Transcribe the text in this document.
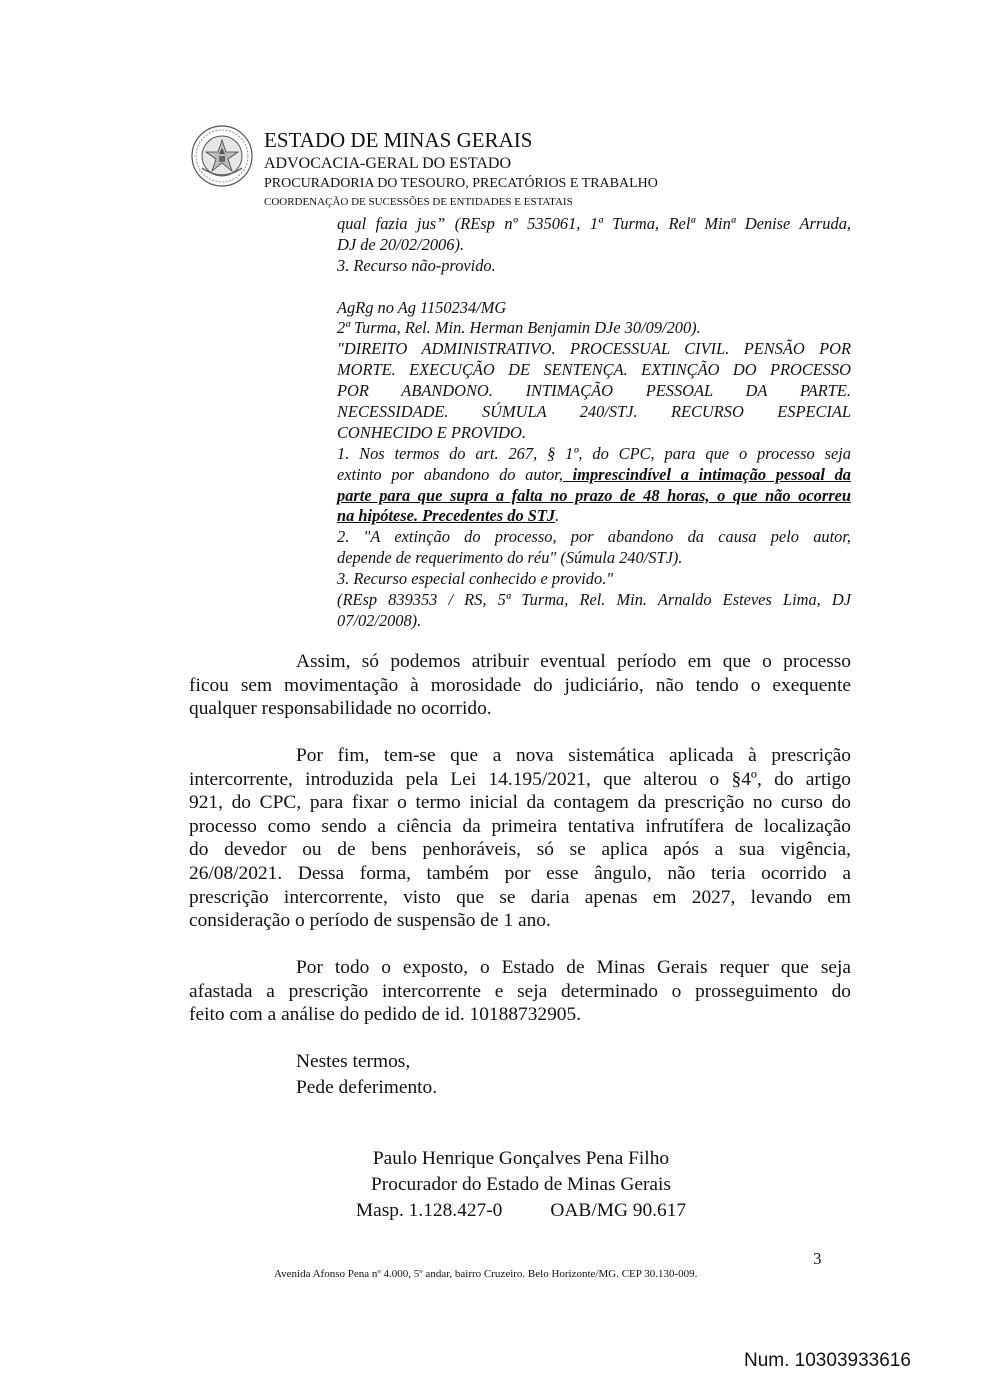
ESTADO DE MINAS GERAIS
ADVOCACIA-GERAL DO ESTADO
PROCURADORIA DO TESOURO, PRECATÓRIOS E TRABALHO
COORDENAÇÃO DE SUCESSÕES DE ENTIDADES E ESTATAIS
qual fazia jus” (REsp nº 535061, 1ª Turma, Relª Minª Denise Arruda,
DJ de 20/02/2006).
3. Recurso não-provido.
AgRg no Ag 1150234/MG
2ª Turma, Rel. Min. Herman Benjamin DJe 30/09/200).
"DIREITO ADMINISTRATIVO. PROCESSUAL CIVIL. PENSÃO POR
MORTE. EXECUÇÃO DE SENTENÇA. EXTINÇÃO DO PROCESSO
POR ABANDONO. INTIMAÇÃO PESSOAL DA PARTE.
NECESSIDADE. SÚMULA 240/STJ. RECURSO ESPECIAL
CONHECIDO E PROVIDO.
1. Nos termos do art. 267, § 1º, do CPC, para que o processo seja
extinto por abandono do autor, imprescindível a intimação pessoal da
parte para que supra a falta no prazo de 48 horas, o que não ocorreu
na hipótese. Precedentes do STJ.
2. "A extinção do processo, por abandono da causa pelo autor,
depende de requerimento do réu" (Súmula 240/STJ).
3. Recurso especial conhecido e provido."
(REsp 839353 / RS, 5ª Turma, Rel. Min. Arnaldo Esteves Lima, DJ
07/02/2008).
Assim, só podemos atribuir eventual período em que o processo
ficou sem movimentação à morosidade do judiciário, não tendo o exequente
qualquer responsabilidade no ocorrido.
Por fim, tem-se que a nova sistemática aplicada à prescrição
intercorrente, introduzida pela Lei 14.195/2021, que alterou o §4º, do artigo
921, do CPC, para fixar o termo inicial da contagem da prescrição no curso do
processo como sendo a ciência da primeira tentativa infrutífera de localização
do devedor ou de bens penhoráveis, só se aplica após a sua vigência,
26/08/2021. Dessa forma, também por esse ângulo, não teria ocorrido a
prescrição intercorrente, visto que se daria apenas em 2027, levando em
consideração o período de suspensão de 1 ano.
Por todo o exposto, o Estado de Minas Gerais requer que seja
afastada a prescrição intercorrente e seja determinado o prosseguimento do
feito com a análise do pedido de id. 10188732905.
Nestes termos,
Pede deferimento.
Paulo Henrique Gonçalves Pena Filho
Procurador do Estado de Minas Gerais
Masp. 1.128.427-0 OAB/MG 90.617
3
Avenida Afonso Pena nº 4.000, 5º andar, bairro Cruzeiro. Belo Horizonte/MG. CEP 30.130-009.
Num. 10303933616
